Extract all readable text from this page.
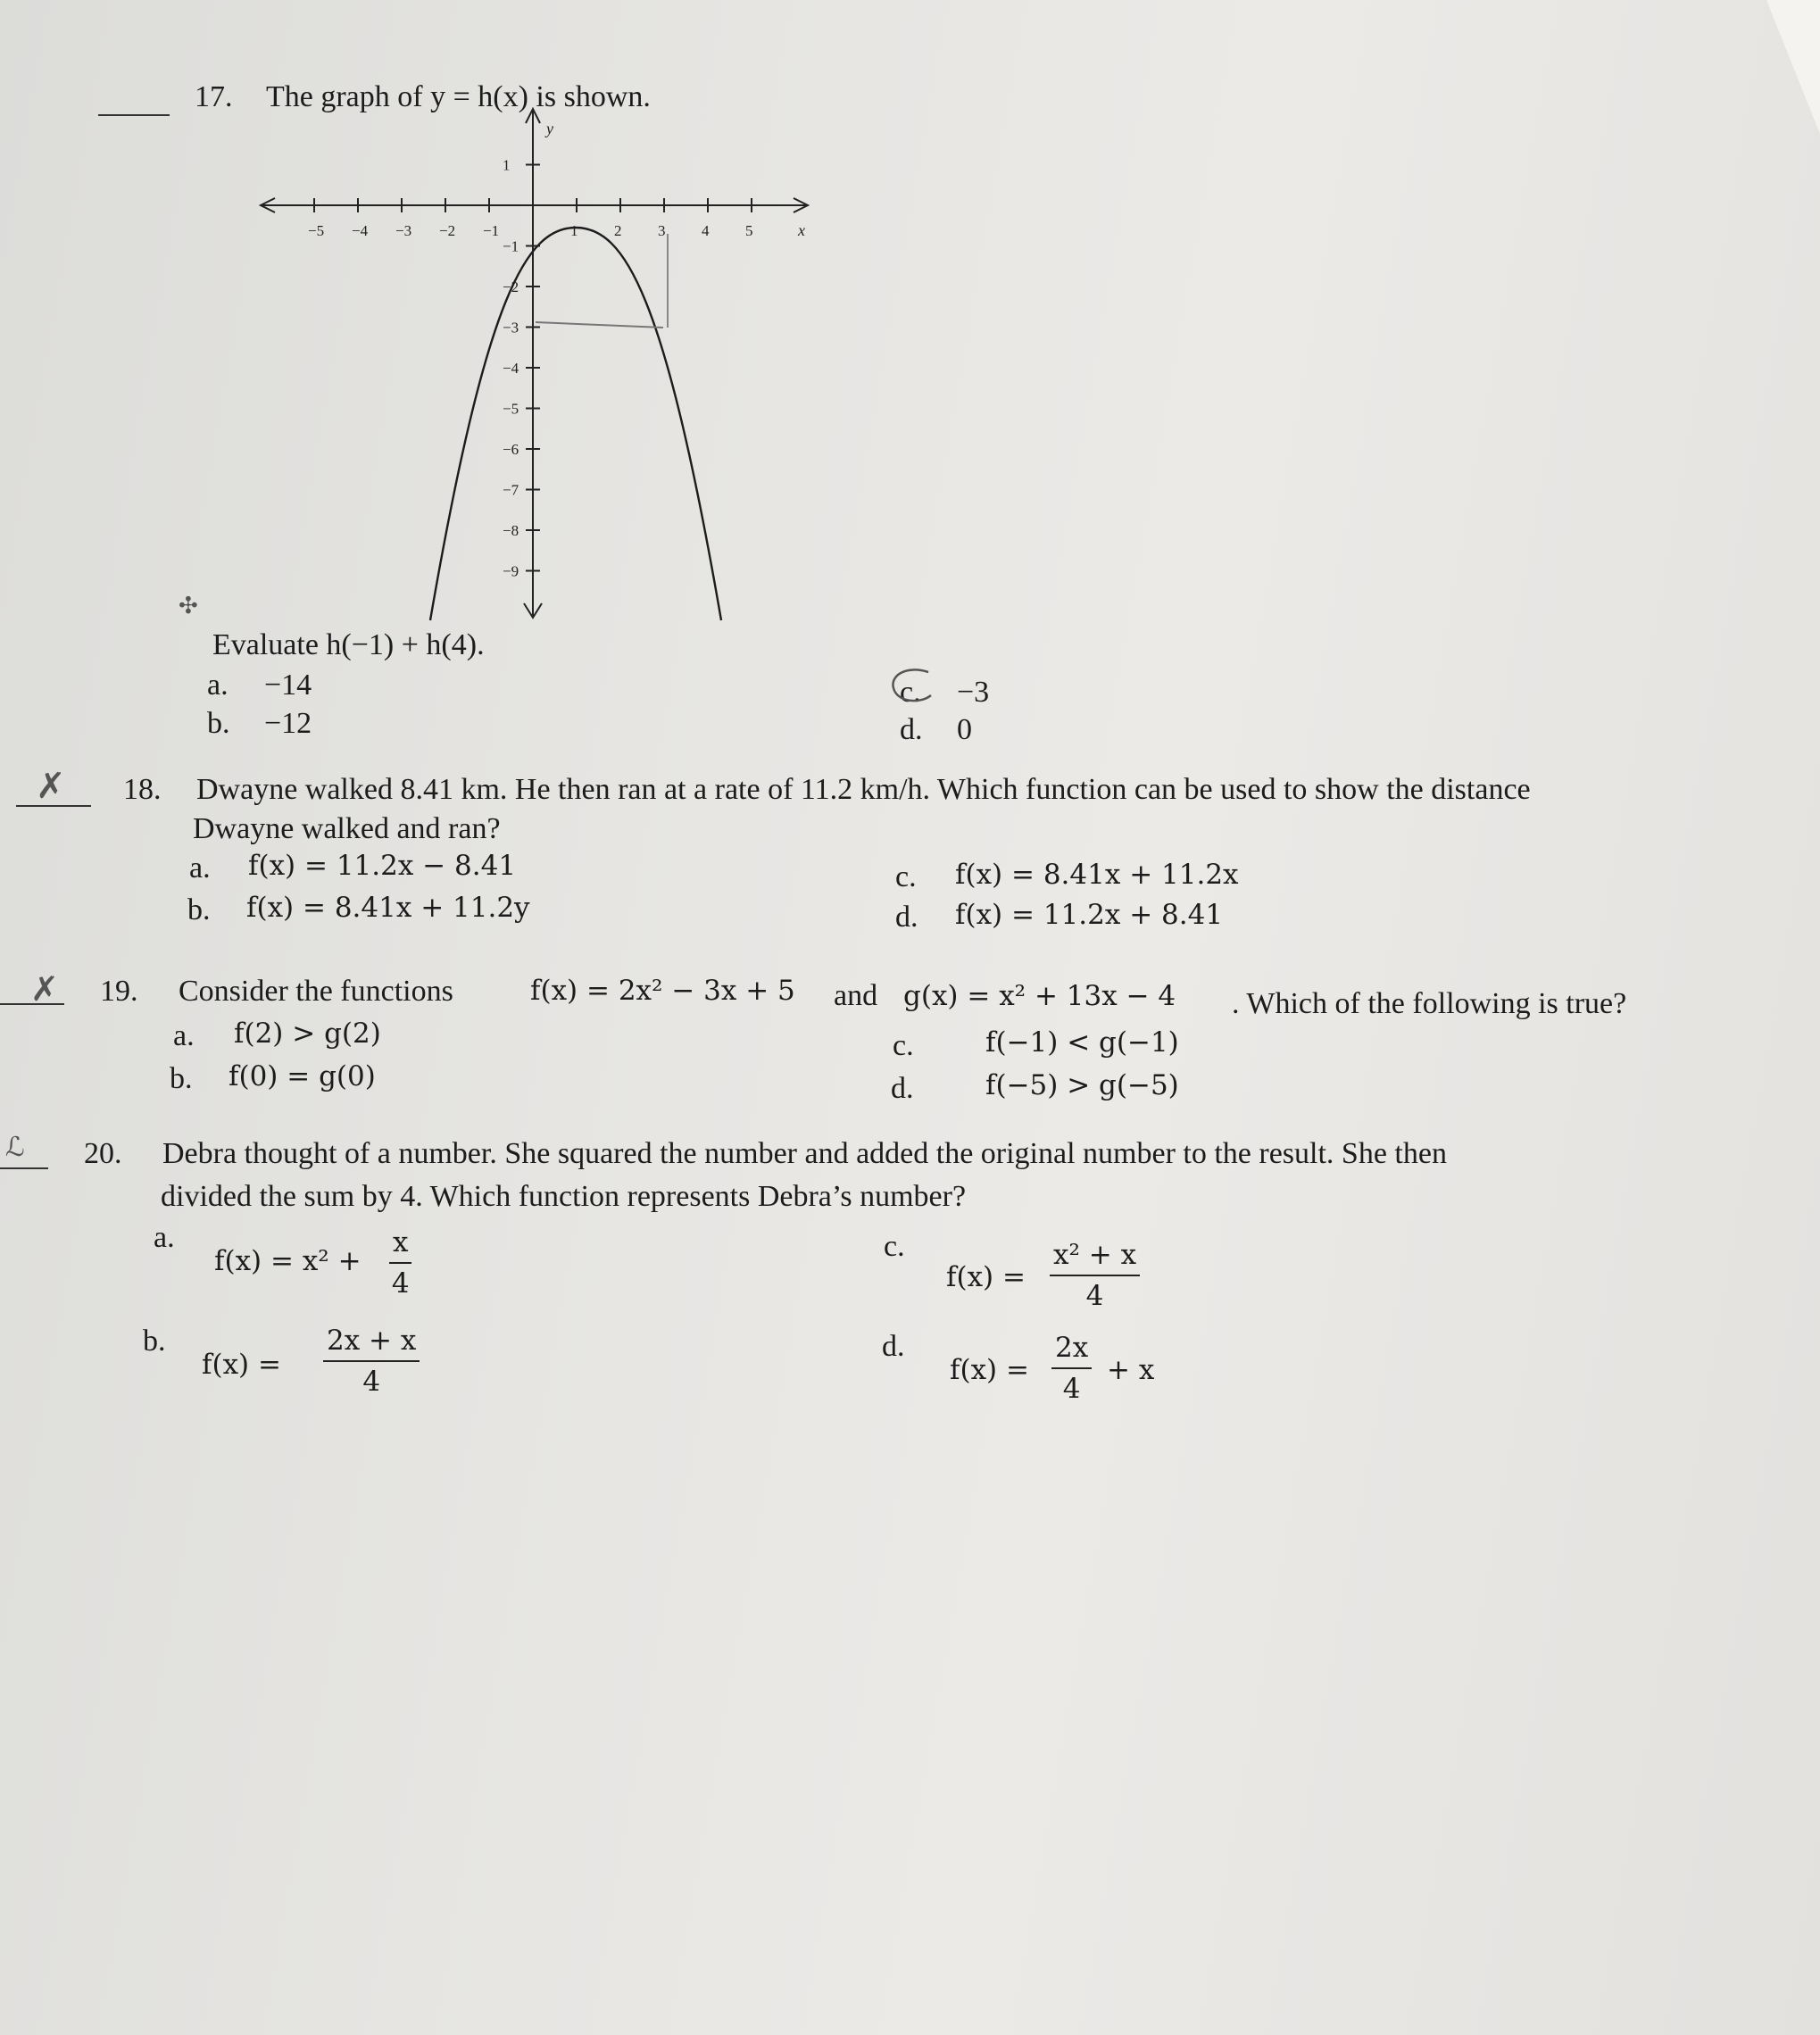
17. The graph of y = h(x) is shown.
−5 −4 −3 −2 −1	1 2 3 4 5
1
−1
−2
−3
−4
−5
−6
−7
−8
−9
y
x
✣
Evaluate h(−1) + h(4).
a. −14
b. −12
c. −3
d. 0
✗ 18. Dwayne walked 8.41 km. He then ran at a rate of 11.2 km/h. Which function can be used to show the distance
Dwayne walked and ran?
a. f(x) = 11.2x − 8.41
b. f(x) = 8.41x + 11.2y
c. f(x) = 8.41x + 11.2x
d. f(x) = 11.2x + 8.41
✗ 19. Consider the functions	f(x) = 2x² − 3x + 5 and g(x) = x² + 13x − 4 . Which of the following is true?
a. f(2) > g(2)
b. f(0) = g(0)
c.	f(−1) < g(−1)
d.	f(−5) > g(−5)
ℒ 20. Debra thought of a number. She squared the number and added the original number to the result. She then
divided the sum by 4. Which function represents Debra’s number?
a.
$f(x) = x^2 + \frac{x}{4}$
b.
$f(x) = \frac{2x + x}{4}$
c.
$f(x) = \frac{\text{x² + x}}{4}$
d.
$f(x) = \frac{2x}{4} + x$
